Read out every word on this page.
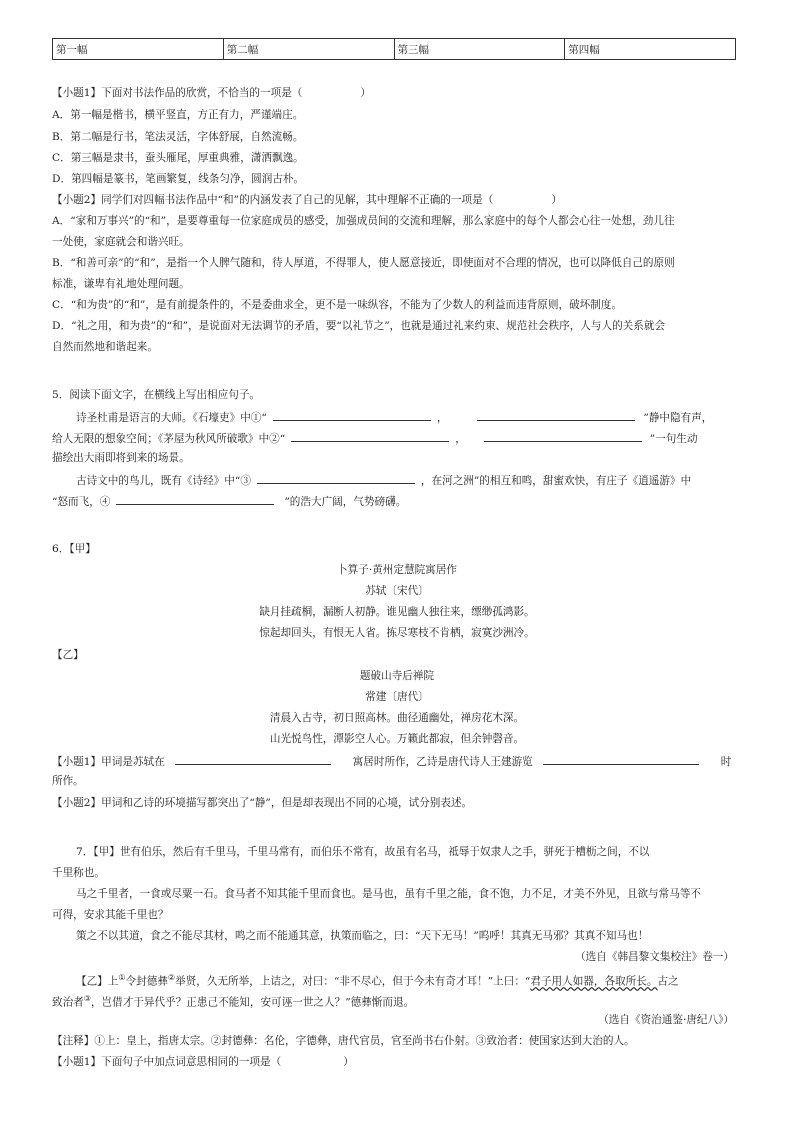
第一幅	第二幅	第三幅	第四幅
【小题1】下面对书法作品的欣赏，不恰当的一项是（	）
A．第一幅是楷书，横平竖直，方正有力，严谨端庄。
B．第二幅是行书，笔法灵活，字体舒展，自然流畅。
C．第三幅是隶书，蚕头雁尾，厚重典雅，潇洒飘逸。
D．第四幅是篆书，笔画繁复，线条匀净，圆润古朴。
【小题2】同学们对四幅书法作品中“和”的内涵发表了自己的见解，其中理解不正确的一项是（	）
A．“家和万事兴”的“和”，是要尊重每一位家庭成员的感受，加强成员间的交流和理解，那么家庭中的每个人都会心往一处想，劲儿往
一处使，家庭就会和谐兴旺。
B．“和善可亲”的“和”，是指一个人脾气随和，待人厚道，不得罪人，使人愿意接近，即使面对不合理的情况，也可以降低自己的原则
标准，谦卑有礼地处理问题。
C．“和为贵”的“和”，是有前提条件的，不是委曲求全，更不是一味纵容，不能为了少数人的利益而违背原则，破坏制度。
D．“礼之用，和为贵”的“和”，是说面对无法调节的矛盾，要“以礼节之”，也就是通过礼来约束、规范社会秩序，人与人的关系就会
自然而然地和谐起来。
5．阅读下面文字，在横线上写出相应句子。
诗圣杜甫是语言的大师。《石壕吏》中①“	，	”静中隐有声，
给人无限的想象空间；《茅屋为秋风所破歌》中②“	，	”一句生动
描绘出大雨即将到来的场景。
古诗文中的鸟儿，既有《诗经》中“③	，在河之洲”的相互和鸣，甜蜜欢快，有庄子《逍遥游》中
“怒而飞，④	”的浩大广阔，气势磅礴。
6．【甲】
卜算子·黄州定慧院寓居作
苏轼〔宋代〕
缺月挂疏桐，漏断人初静。谁见幽人独往来，缥缈孤鸿影。
惊起却回头，有恨无人省。拣尽寒枝不肯栖，寂寞沙洲冷。
【乙】
题破山寺后禅院
常建〔唐代〕
清晨入古寺，初日照高林。曲径通幽处，禅房花木深。
山光悦鸟性，潭影空人心。万籁此都寂，但余钟磬音。
【小题1】甲词是苏轼在	寓居时所作，乙诗是唐代诗人王建游览	时
所作。
【小题2】甲词和乙诗的环境描写都突出了“静”，但是却表现出不同的心境，试分别表述。
7．【甲】世有伯乐，然后有千里马，千里马常有，而伯乐不常有，故虽有名马，祗辱于奴隶人之手，骈死于槽枥之间，不以
千里称也。
马之千里者，一食或尽粟一石。食马者不知其能千里而食也。是马也，虽有千里之能，食不饱，力不足，才美不外见，且欲与常马等不
可得，安求其能千里也？
策之不以其道，食之不能尽其材，鸣之而不能通其意，执策而临之，曰：“天下无马！”呜呼！其真无马邪？其真不知马也！
（选自《韩昌黎文集校注》卷一）
【乙】上①令封德彝②举贤，久无所举，上诘之，对曰：“非不尽心，但于今未有奇才耳！”上曰：“君子用人如器，各取所长。古之
致治者③，岂借才于异代乎？正患己不能知，安可诬一世之人？”德彝惭而退。
（选自《资治通鉴·唐纪八》）
【注释】①上：皇上，指唐太宗。②封德彝：名伦，字德彝，唐代官员，官至尚书右仆射。③致治者：使国家达到大治的人。
【小题1】下面句子中加点词意思相同的一项是（	）
